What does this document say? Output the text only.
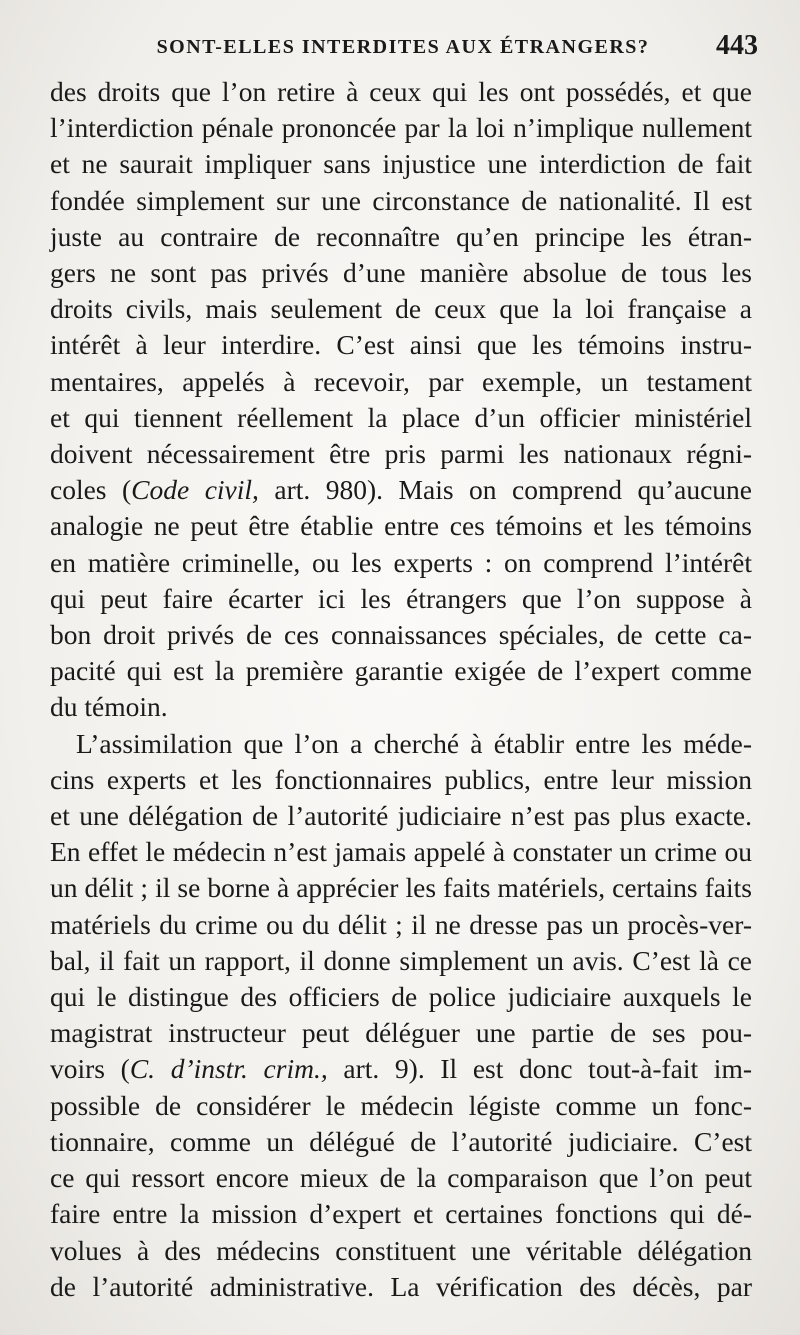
SONT-ELLES INTERDITES AUX ÉTRANGERS?	443
des droits que l’on retire à ceux qui les ont possédés, et que
l’interdiction pénale prononcée par la loi n’implique nullement
et ne saurait impliquer sans injustice une interdiction de fait
fondée simplement sur une circonstance de nationalité. Il est
juste au contraire de reconnaître qu’en principe les étran-
gers ne sont pas privés d’une manière absolue de tous les
droits civils, mais seulement de ceux que la loi française a
intérêt à leur interdire. C’est ainsi que les témoins instru-
mentaires, appelés à recevoir, par exemple, un testament
et qui tiennent réellement la place d’un officier ministériel
doivent nécessairement être pris parmi les nationaux régni-
coles (Code civil, art. 980). Mais on comprend qu’aucune
analogie ne peut être établie entre ces témoins et les témoins
en matière criminelle, ou les experts : on comprend l’intérêt
qui peut faire écarter ici les étrangers que l’on suppose à
bon droit privés de ces connaissances spéciales, de cette ca-
pacité qui est la première garantie exigée de l’expert comme
du témoin.
L’assimilation que l’on a cherché à établir entre les méde-
cins experts et les fonctionnaires publics, entre leur mission
et une délégation de l’autorité judiciaire n’est pas plus exacte.
En effet le médecin n’est jamais appelé à constater un crime ou
un délit ; il se borne à apprécier les faits matériels, certains faits
matériels du crime ou du délit ; il ne dresse pas un procès-ver-
bal, il fait un rapport, il donne simplement un avis. C’est là ce
qui le distingue des officiers de police judiciaire auxquels le
magistrat instructeur peut déléguer une partie de ses pou-
voirs (C. d’instr. crim., art. 9). Il est donc tout-à-fait im-
possible de considérer le médecin légiste comme un fonc-
tionnaire, comme un délégué de l’autorité judiciaire. C’est
ce qui ressort encore mieux de la comparaison que l’on peut
faire entre la mission d’expert et certaines fonctions qui dé-
volues à des médecins constituent une véritable délégation
de l’autorité administrative. La vérification des décès, par
